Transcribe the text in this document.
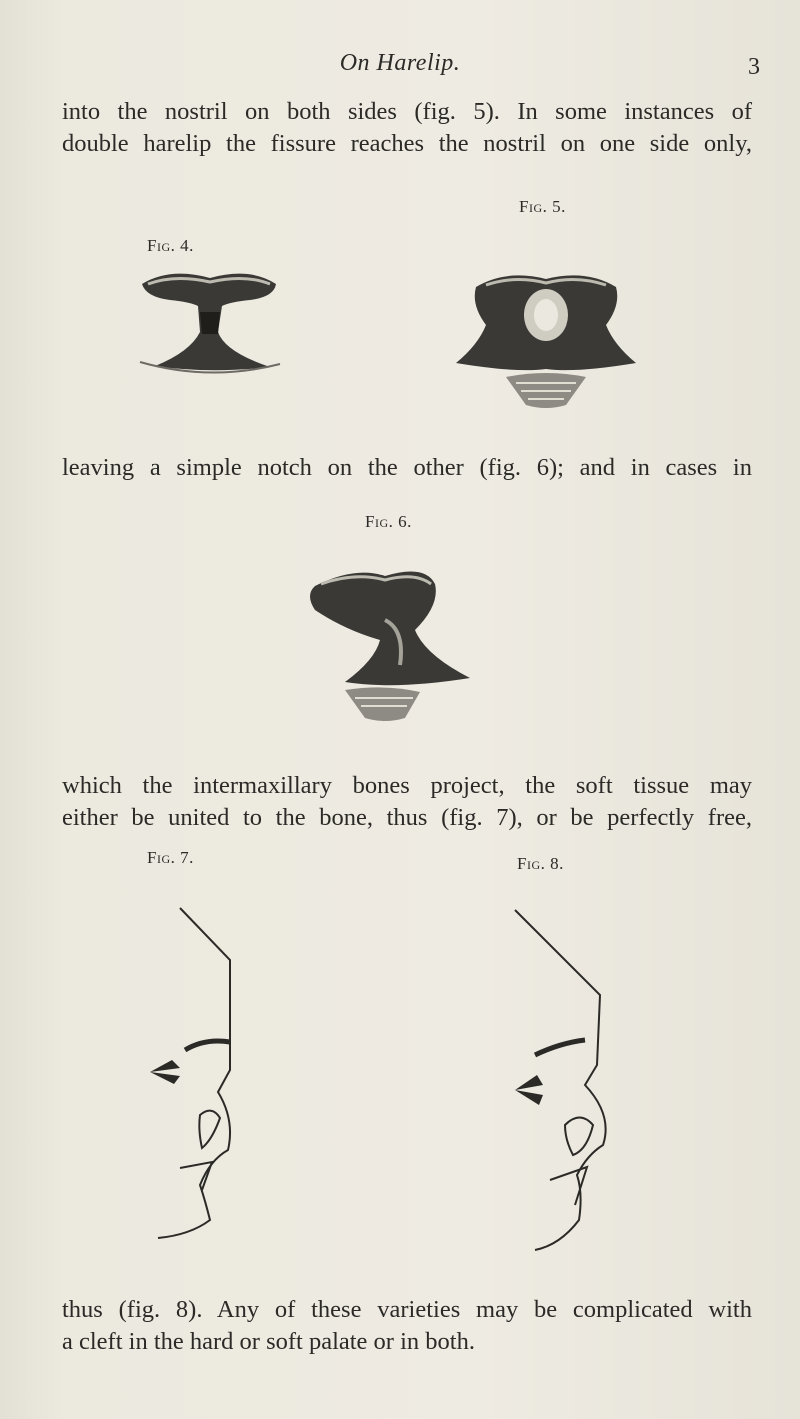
On Harelip.	3
into the nostril on both sides (fig. 5). In some instances of
double harelip the fissure reaches the nostril on one side only,
Fig. 4.
Fig. 5.
leaving a simple notch on the other (fig. 6); and in cases in
Fig. 6.
which the intermaxillary bones project, the soft tissue may
either be united to the bone, thus (fig. 7), or be perfectly free,
Fig. 7.	Fig. 8.
thus (fig. 8). Any of these varieties may be complicated with
a cleft in the hard or soft palate or in both.
